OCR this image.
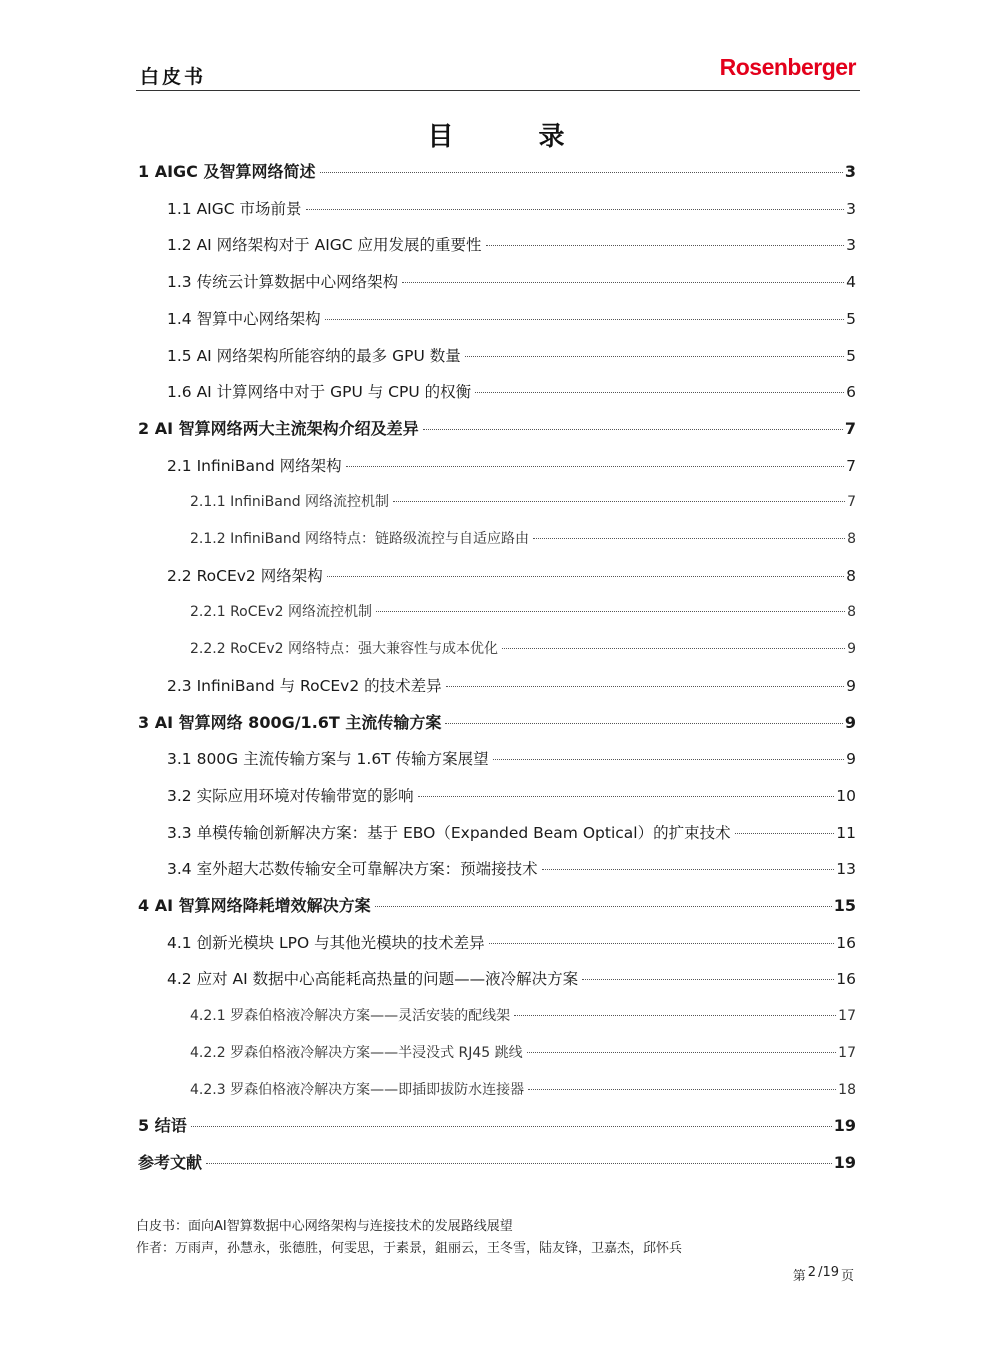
白皮书	Rosenberger
目 录
1 AIGC 及智算网络简述	3
1.1 AIGC 市场前景	3
1.2 AI 网络架构对于 AIGC 应用发展的重要性	3
1.3 传统云计算数据中心网络架构	4
1.4 智算中心网络架构	5
1.5 AI 网络架构所能容纳的最多 GPU 数量	5
1.6 AI 计算网络中对于 GPU 与 CPU 的权衡	6
2 AI 智算网络两大主流架构介绍及差异	7
2.1 InfiniBand 网络架构	7
2.1.1 InfiniBand 网络流控机制	7
2.1.2 InfiniBand 网络特点：链路级流控与自适应路由	8
2.2 RoCEv2 网络架构	8
2.2.1 RoCEv2 网络流控机制	8
2.2.2 RoCEv2 网络特点：强大兼容性与成本优化	9
2.3 InfiniBand 与 RoCEv2 的技术差异	9
3 AI 智算网络 800G/1.6T 主流传输方案	9
3.1 800G 主流传输方案与 1.6T 传输方案展望	9
3.2 实际应用环境对传输带宽的影响	10
3.3 单模传输创新解决方案：基于 EBO（Expanded Beam Optical）的扩束技术	11
3.4 室外超大芯数传输安全可靠解决方案：预端接技术	13
4 AI 智算网络降耗增效解决方案	15
4.1 创新光模块 LPO 与其他光模块的技术差异	16
4.2 应对 AI 数据中心高能耗高热量的问题——液冷解决方案	16
4.2.1 罗森伯格液冷解决方案——灵活安装的配线架	17
4.2.2 罗森伯格液冷解决方案——半浸没式 RJ45 跳线	17
4.2.3 罗森伯格液冷解决方案——即插即拔防水连接器	18
5 结语	19
参考文献	19
白皮书：面向AI智算数据中心网络架构与连接技术的发展路线展望
作者：万雨声，孙慧永，张德胜，何雯思，于素景，鉏丽云，王冬雪，陆友锋，卫嘉杰，邱怀兵
第 2 /19 页
